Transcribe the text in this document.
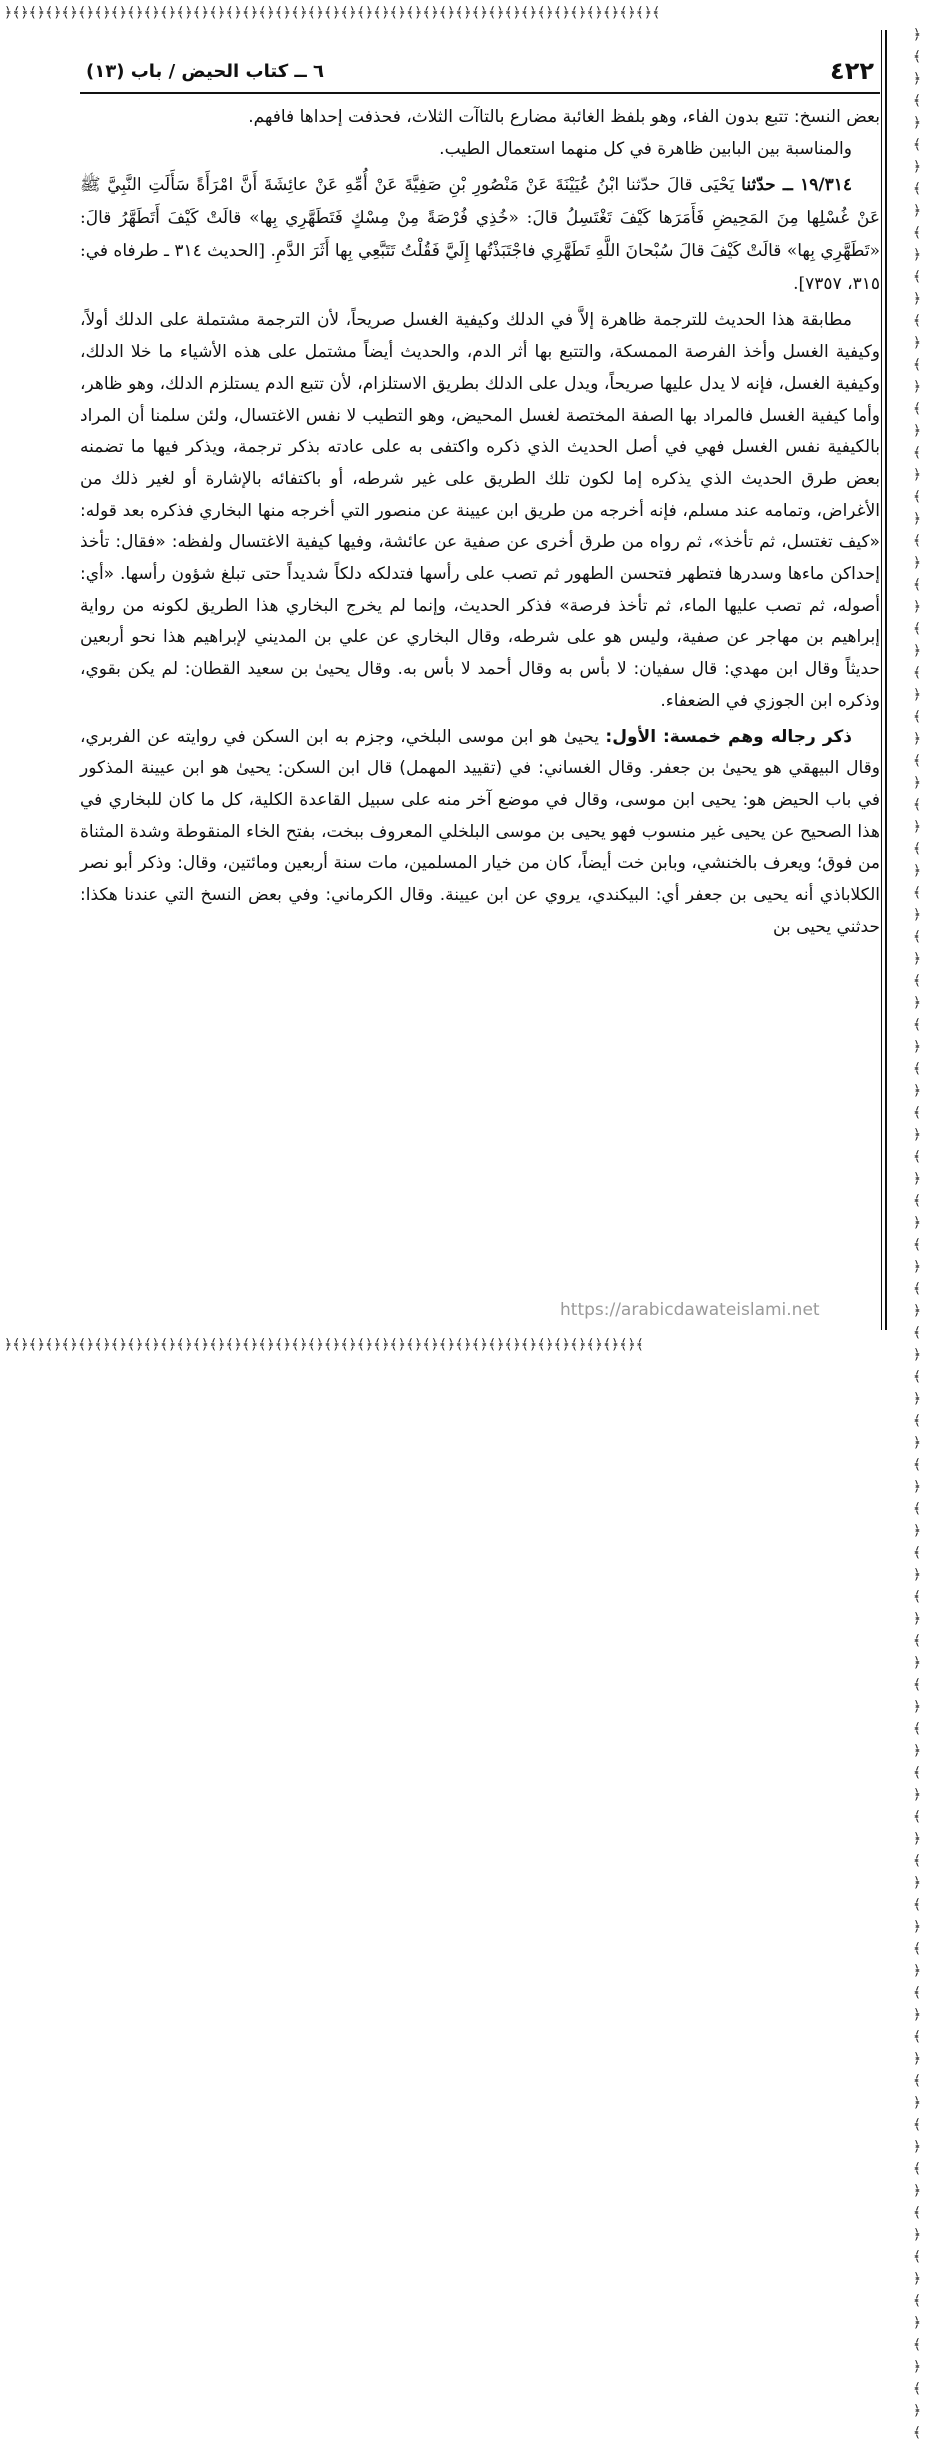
﴿﴾﴿﴾﴿﴾﴿﴾﴿﴾﴿﴾﴿﴾﴿﴾﴿﴾﴿﴾﴿﴾﴿﴾﴿﴾﴿﴾﴿﴾﴿﴾﴿﴾﴿﴾﴿﴾﴿﴾﴿﴾﴿﴾﴿﴾﴿﴾﴿﴾﴿﴾﴿﴾﴿﴾﴿﴾﴿﴾﴿﴾﴿﴾﴿﴾﴿﴾﴿﴾﴿﴾﴿﴾﴿﴾﴿﴾﴿﴾
﴿﴾﴿﴾﴿﴾﴿﴾﴿﴾﴿﴾﴿﴾﴿﴾﴿﴾﴿﴾﴿﴾﴿﴾﴿﴾﴿﴾﴿﴾﴿﴾﴿﴾﴿﴾﴿﴾﴿﴾﴿﴾﴿﴾﴿﴾﴿﴾﴿﴾﴿﴾﴿﴾﴿﴾﴿﴾﴿﴾﴿﴾﴿﴾﴿﴾﴿﴾﴿﴾﴿﴾﴿﴾﴿﴾﴿﴾
﴿
﴾
﴿
﴾
﴿
﴾
﴿
﴾
﴿
﴾
﴿
﴾
﴿
﴾
﴿
﴾
﴿
﴾
﴿
﴾
﴿
﴾
﴿
﴾
﴿
﴾
﴿
﴾
﴿
﴾
﴿
﴾
﴿
﴾
﴿
﴾
﴿
﴾
﴿
﴾
﴿
﴾
﴿
﴾
﴿
﴾
﴿
﴾
﴿
﴾
﴿
﴾
﴿
﴾
﴿
﴾
﴿
﴾
﴿
﴾
﴿
﴾
﴿
﴾
﴿
﴾
﴿
﴾
﴿
﴾
﴿
﴾
﴿
﴾
﴿
﴾
﴿
﴾
﴿
﴾
﴿
﴾
﴿
﴾
﴿
﴾
﴿
﴾
﴿
﴾
﴿
﴾
﴿
﴾
﴿
﴾
﴿
﴾
﴿
﴾
﴿
﴾
﴿
﴾
﴿
﴾
﴿
﴾
﴿
﴾
٤٢٢
٦ ــ كتاب الحيض / باب (١٣)

بعض النسخ: تتبع بدون الفاء، وهو بلفظ الغائبة مضارع بالتاآت الثلاث، فحذفت إحداها فافهم.

والمناسبة بين البابين ظاهرة في كل منهما استعمال الطيب.

١٩/٣١٤ ــ حدّثنا يَحْيَى قالَ حدّثنا ابْنُ عُيَيْنَةَ عَنْ مَنْصُورِ بْنِ صَفِيَّةَ عَنْ أُمِّهِ عَنْ عائِشَةَ أَنَّ امْرَأَةً سَأَلَتِ النَّبِيَّ ﷺ عَنْ غُسْلِها مِنَ المَحِيضِ فَأَمَرَها كَيْفَ تَغْتَسِلُ قالَ: «خُذِي فُرْصَةً مِنْ مِسْكٍ فَتَطَهَّرِي بِها» قالَتْ كَيْفَ أَتَطَهَّرُ قالَ: «تَطَهَّرِي بِها» قالَتْ كَيْفَ قالَ سُبْحانَ اللَّهِ تَطَهَّرِي فاجْتَبَذْتُها إِلَيَّ فَقُلْتُ تَتَبَّعِي بِها أَثَرَ الدَّمِ. [الحديث ٣١٤ ـ طرفاه في: ٣١٥، ٧٣٥٧].

مطابقة هذا الحديث للترجمة ظاهرة إلاَّ في الدلك وكيفية الغسل صريحاً، لأن الترجمة مشتملة على الدلك أولاً، وكيفية الغسل وأخذ الفرصة الممسكة، والتتبع بها أثر الدم، والحديث أيضاً مشتمل على هذه الأشياء ما خلا الدلك، وكيفية الغسل، فإنه لا يدل عليها صريحاً، ويدل على الدلك بطريق الاستلزام، لأن تتبع الدم يستلزم الدلك، وهو ظاهر، وأما كيفية الغسل فالمراد بها الصفة المختصة لغسل المحيض، وهو التطيب لا نفس الاغتسال، ولئن سلمنا أن المراد بالكيفية نفس الغسل فهي في أصل الحديث الذي ذكره واكتفى به على عادته بذكر ترجمة، ويذكر فيها ما تضمنه بعض طرق الحديث الذي يذكره إما لكون تلك الطريق على غير شرطه، أو باكتفائه بالإشارة أو لغير ذلك من الأغراض، وتمامه عند مسلم، فإنه أخرجه من طريق ابن عيينة عن منصور التي أخرجه منها البخاري فذكره بعد قوله: «كيف تغتسل، ثم تأخذ»، ثم رواه من طرق أخرى عن صفية عن عائشة، وفيها كيفية الاغتسال ولفظه: «فقال: تأخذ إحداكن ماءها وسدرها فتطهر فتحسن الطهور ثم تصب على رأسها فتدلكه دلكاً شديداً حتى تبلغ شؤون رأسها. «أي: أصوله، ثم تصب عليها الماء، ثم تأخذ فرصة» فذكر الحديث، وإنما لم يخرج البخاري هذا الطريق لكونه من رواية إبراهيم بن مهاجر عن صفية، وليس هو على شرطه، وقال البخاري عن علي بن المديني لإبراهيم هذا نحو أربعين حديثاً وقال ابن مهدي: قال سفيان: لا بأس به وقال أحمد لا بأس به. وقال يحيىٰ بن سعيد القطان: لم يكن بقوي، وذكره ابن الجوزي في الضعفاء.

ذكر رجاله وهم خمسة: الأول: يحيىٰ هو ابن موسى البلخي، وجزم به ابن السكن في روايته عن الفربري، وقال البيهقي هو يحيىٰ بن جعفر. وقال الغساني: في (تقييد المهمل) قال ابن السكن: يحيىٰ هو ابن عيينة المذكور في باب الحيض هو: يحيى ابن موسى، وقال في موضع آخر منه على سبيل القاعدة الكلية، كل ما كان للبخاري في هذا الصحيح عن يحيى غير منسوب فهو يحيى بن موسى البلخلي المعروف ببخت، بفتح الخاء المنقوطة وشدة المثناة من فوق؛ ويعرف بالخنشي، وبابن خت أيضاً، كان من خيار المسلمين، مات سنة أربعين ومائتين، وقال: وذكر أبو نصر الكلاباذي أنه يحيى بن جعفر أي: البيكندي، يروي عن ابن عيينة. وقال الكرماني: وفي بعض النسخ التي عندنا هكذا: حدثني يحيى بن

https://arabicdawateislami.net
